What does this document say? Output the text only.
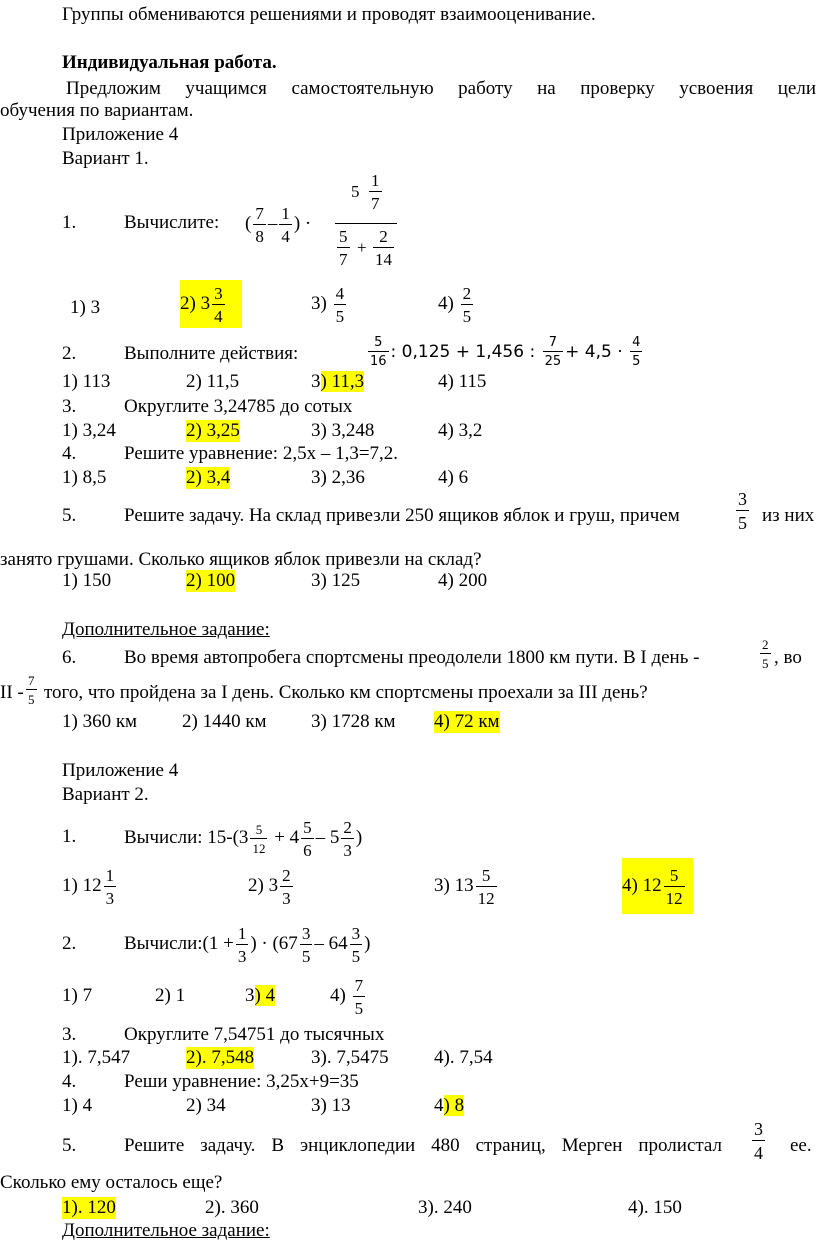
Группы обмениваются решениями и проводят взаимооценивание.
Индивидуальная работа.
Предложим учащимся самостоятельную работу на проверку усвоения цели
обучения по вариантам.
Приложение 4
Вариант 1.
1.	Вычислите: ( $\frac{7}{8} - \frac{1}{4}$ ) ·
$5 \frac{1}{7}$
$\frac{5}{7} + \frac{2}{14}$
1) 3	2) $3 \frac{3}{4}$	$3) \frac{4}{5}$	$4) \frac{2}{5}$
2.	Выполните действия:	$\frac{5}{16}$ : 0,125 + 1,456 : $\frac{7}{25} + 4,5 \cdot \frac{4}{5}$
1) 113	2) 11,5	3) 11,3	4) 115
3.	Округлите 3,24785 до сотых
1) 3,24	2) 3,25	3) 3,248	4) 3,2
4.	Решите уравнение: 2,5x – 1,3=7,2.
1) 8,5	2) 3,4	3) 2,36	4) 6
5.	Решите задачу. На склад привезли 250 ящиков яблок и груш, причем	$\frac{3}{5}$ из них
занято грушами. Сколько ящиков яблок привезли на склад?
1) 150	2) 100	3) 125	4) 200
Дополнительное задание:
6.	Во время автопробега спортсмены преодолели 1800 км пути. В I день -	$\frac{2}{5}$ , во
II - $\frac{7}{5}$ того, что пройдена за I день. Сколько км спортсмены проехали за III день?
1) 360 км 2) 1440 км 3) 1728 км 4) 72 км
Приложение 4
Вариант 2.
1.	Вычисли: $15-(3 \frac{5}{12} + 4 \frac{5}{6} - 5 \frac{2}{3}$ )
1) $12 \frac{1}{3}$	2) $3 \frac{2}{3}$	3) $13 \frac{5}{12}$	4) $12 \frac{5}{12}$
2.	Вычисли:(1 + $\frac{1}{3}$ ) · ($67 \frac{3}{5} - 64 \frac{3}{5}$ )
1) 7	2) 1	3) 4	$4) \frac{7}{5}$
3.	Округлите 7,54751 до тысячных
1). 7,547	2). 7,548	3). 7,5475 4). 7,54
4.	Реши уравнение: 3,25x+9=35
1) 4	2) 34	3) 13	4) 8
5.	Решите задачу. В энциклопедии 480 страниц, Мерген пролистал $\frac{3}{4}$ ее.
Сколько ему осталось еще?
1). 120	2). 360	3). 240	4). 150
Дополнительное задание:
